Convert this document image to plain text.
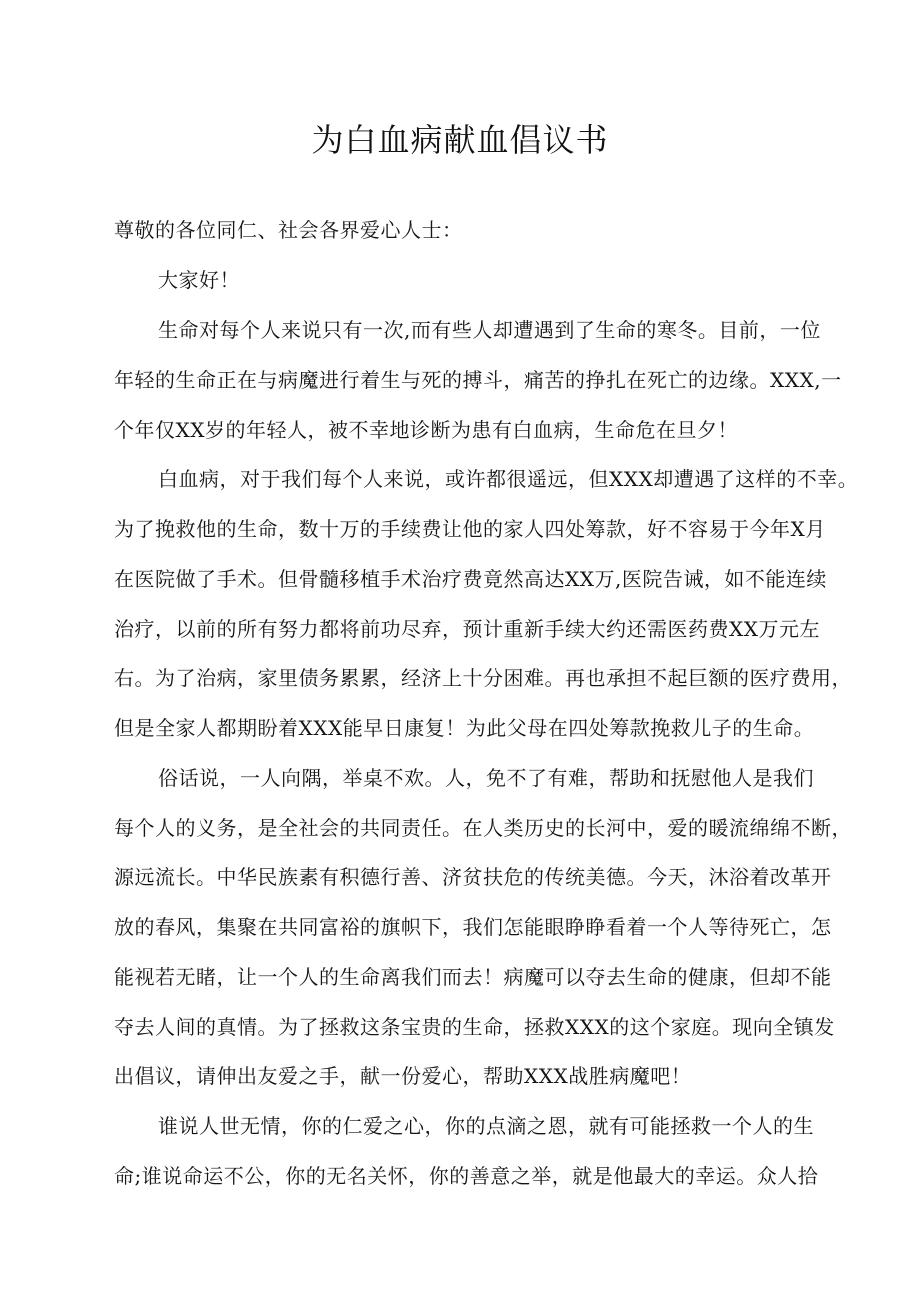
为白血病献血倡议书
尊敬的各位同仁、社会各界爱心人士：
大家好！
生命对每个人来说只有一次,而有些人却遭遇到了生命的寒冬。目前，一位
年轻的生命正在与病魔进行着生与死的搏斗，痛苦的挣扎在死亡的边缘。XXX,一
个年仅XX岁的年轻人，被不幸地诊断为患有白血病，生命危在旦夕！
白血病，对于我们每个人来说，或许都很遥远，但XXX却遭遇了这样的不幸。
为了挽救他的生命，数十万的手续费让他的家人四处筹款，好不容易于今年X月
在医院做了手术。但骨髓移植手术治疗费竟然高达XX万,医院告诫，如不能连续
治疗，以前的所有努力都将前功尽弃，预计重新手续大约还需医药费XX万元左
右。为了治病，家里债务累累，经济上十分困难。再也承担不起巨额的医疗费用，
但是全家人都期盼着XXX能早日康复！为此父母在四处筹款挽救儿子的生命。
俗话说，一人向隅，举桌不欢。人，免不了有难，帮助和抚慰他人是我们
每个人的义务，是全社会的共同责任。在人类历史的长河中，爱的暖流绵绵不断，
源远流长。中华民族素有积德行善、济贫扶危的传统美德。今天，沐浴着改革开
放的春风，集聚在共同富裕的旗帜下，我们怎能眼睁睁看着一个人等待死亡，怎
能视若无睹，让一个人的生命离我们而去！病魔可以夺去生命的健康，但却不能
夺去人间的真情。为了拯救这条宝贵的生命，拯救XXX的这个家庭。现向全镇发
出倡议，请伸出友爱之手，献一份爱心，帮助XXX战胜病魔吧！
谁说人世无情，你的仁爱之心，你的点滴之恩，就有可能拯救一个人的生
命;谁说命运不公，你的无名关怀，你的善意之举，就是他最大的幸运。众人拾
